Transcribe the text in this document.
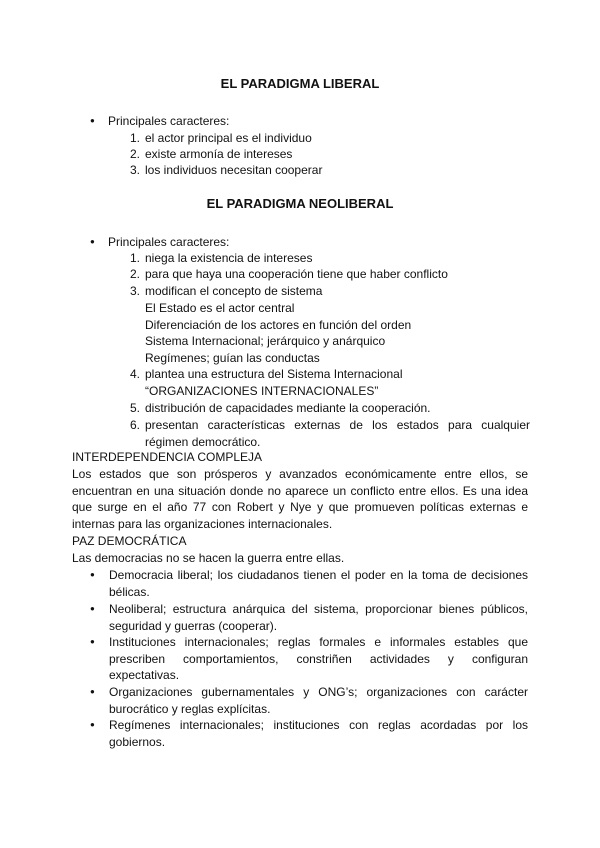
EL PARADIGMA LIBERAL
● Principales caracteres:
1. el actor principal es el individuo
2. existe armonía de intereses
3. los individuos necesitan cooperar
EL PARADIGMA NEOLIBERAL
● Principales caracteres:
1. niega la existencia de intereses
2. para que haya una cooperación tiene que haber conflicto
3. modifican el concepto de sistema
El Estado es el actor central
Diferenciación de los actores en función del orden
Sistema Internacional; jerárquico y anárquico
Regímenes; guían las conductas
4. plantea una estructura del Sistema Internacional
“ORGANIZACIONES INTERNACIONALES”
5. distribución de capacidades mediante la cooperación.
6. presentan características externas de los estados para cualquier
régimen democrático.
INTERDEPENDENCIA COMPLEJA
Los estados que son prósperos y avanzados económicamente entre ellos, se
encuentran en una situación donde no aparece un conflicto entre ellos. Es una idea
que surge en el año 77 con Robert y Nye y que promueven políticas externas e
internas para las organizaciones internacionales.
PAZ DEMOCRÁTICA
Las democracias no se hacen la guerra entre ellas.
● Democracia liberal; los ciudadanos tienen el poder en la toma de decisiones
bélicas.
● Neoliberal; estructura anárquica del sistema, proporcionar bienes públicos,
seguridad y guerras (cooperar).
● Instituciones internacionales; reglas formales e informales estables que
prescriben comportamientos, constriñen actividades y configuran
expectativas.
● Organizaciones gubernamentales y ONG’s; organizaciones con carácter
burocrático y reglas explícitas.
● Regímenes internacionales; instituciones con reglas acordadas por los
gobiernos.
